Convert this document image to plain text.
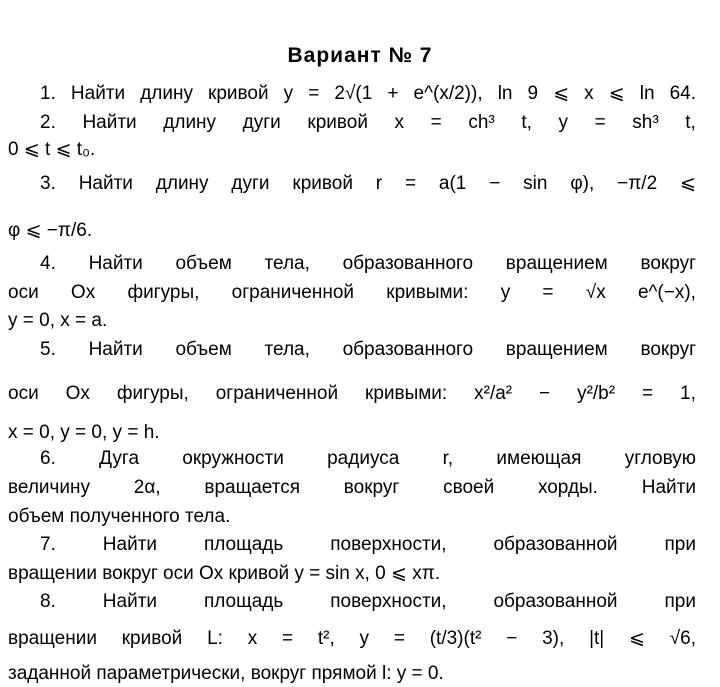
Вариант № 7
1. Найти длину кривой y = 2√(1 + e^(x/2)), ln 9 ⩽ x ⩽ ln 64.
2. Найти длину дуги кривой x = ch³ t, y = sh³ t,
0 ⩽ t ⩽ t₀.
3. Найти длину дуги кривой r = a(1 − sin φ), −π/2 ⩽
φ ⩽ −π/6.
4. Найти объем тела, образованного вращением вокруг
оси Ox фигуры, ограниченной кривыми: y = √x e^(−x),
y = 0, x = a.
5. Найти объем тела, образованного вращением вокруг
оси Ox фигуры, ограниченной кривыми: x²/a² − y²/b² = 1,
x = 0, y = 0, y = h.
6. Дуга окружности радиуса r, имеющая угловую
величину 2α, вращается вокруг своей хорды. Найти
объем полученного тела.
7. Найти площадь поверхности, образованной при
вращении вокруг оси Ox кривой y = sin x, 0 ⩽ xπ.
8. Найти площадь поверхности, образованной при
вращении кривой L: x = t², y = (t/3)(t² − 3), |t| ⩽ √6,
заданной параметрически, вокруг прямой l: y = 0.
